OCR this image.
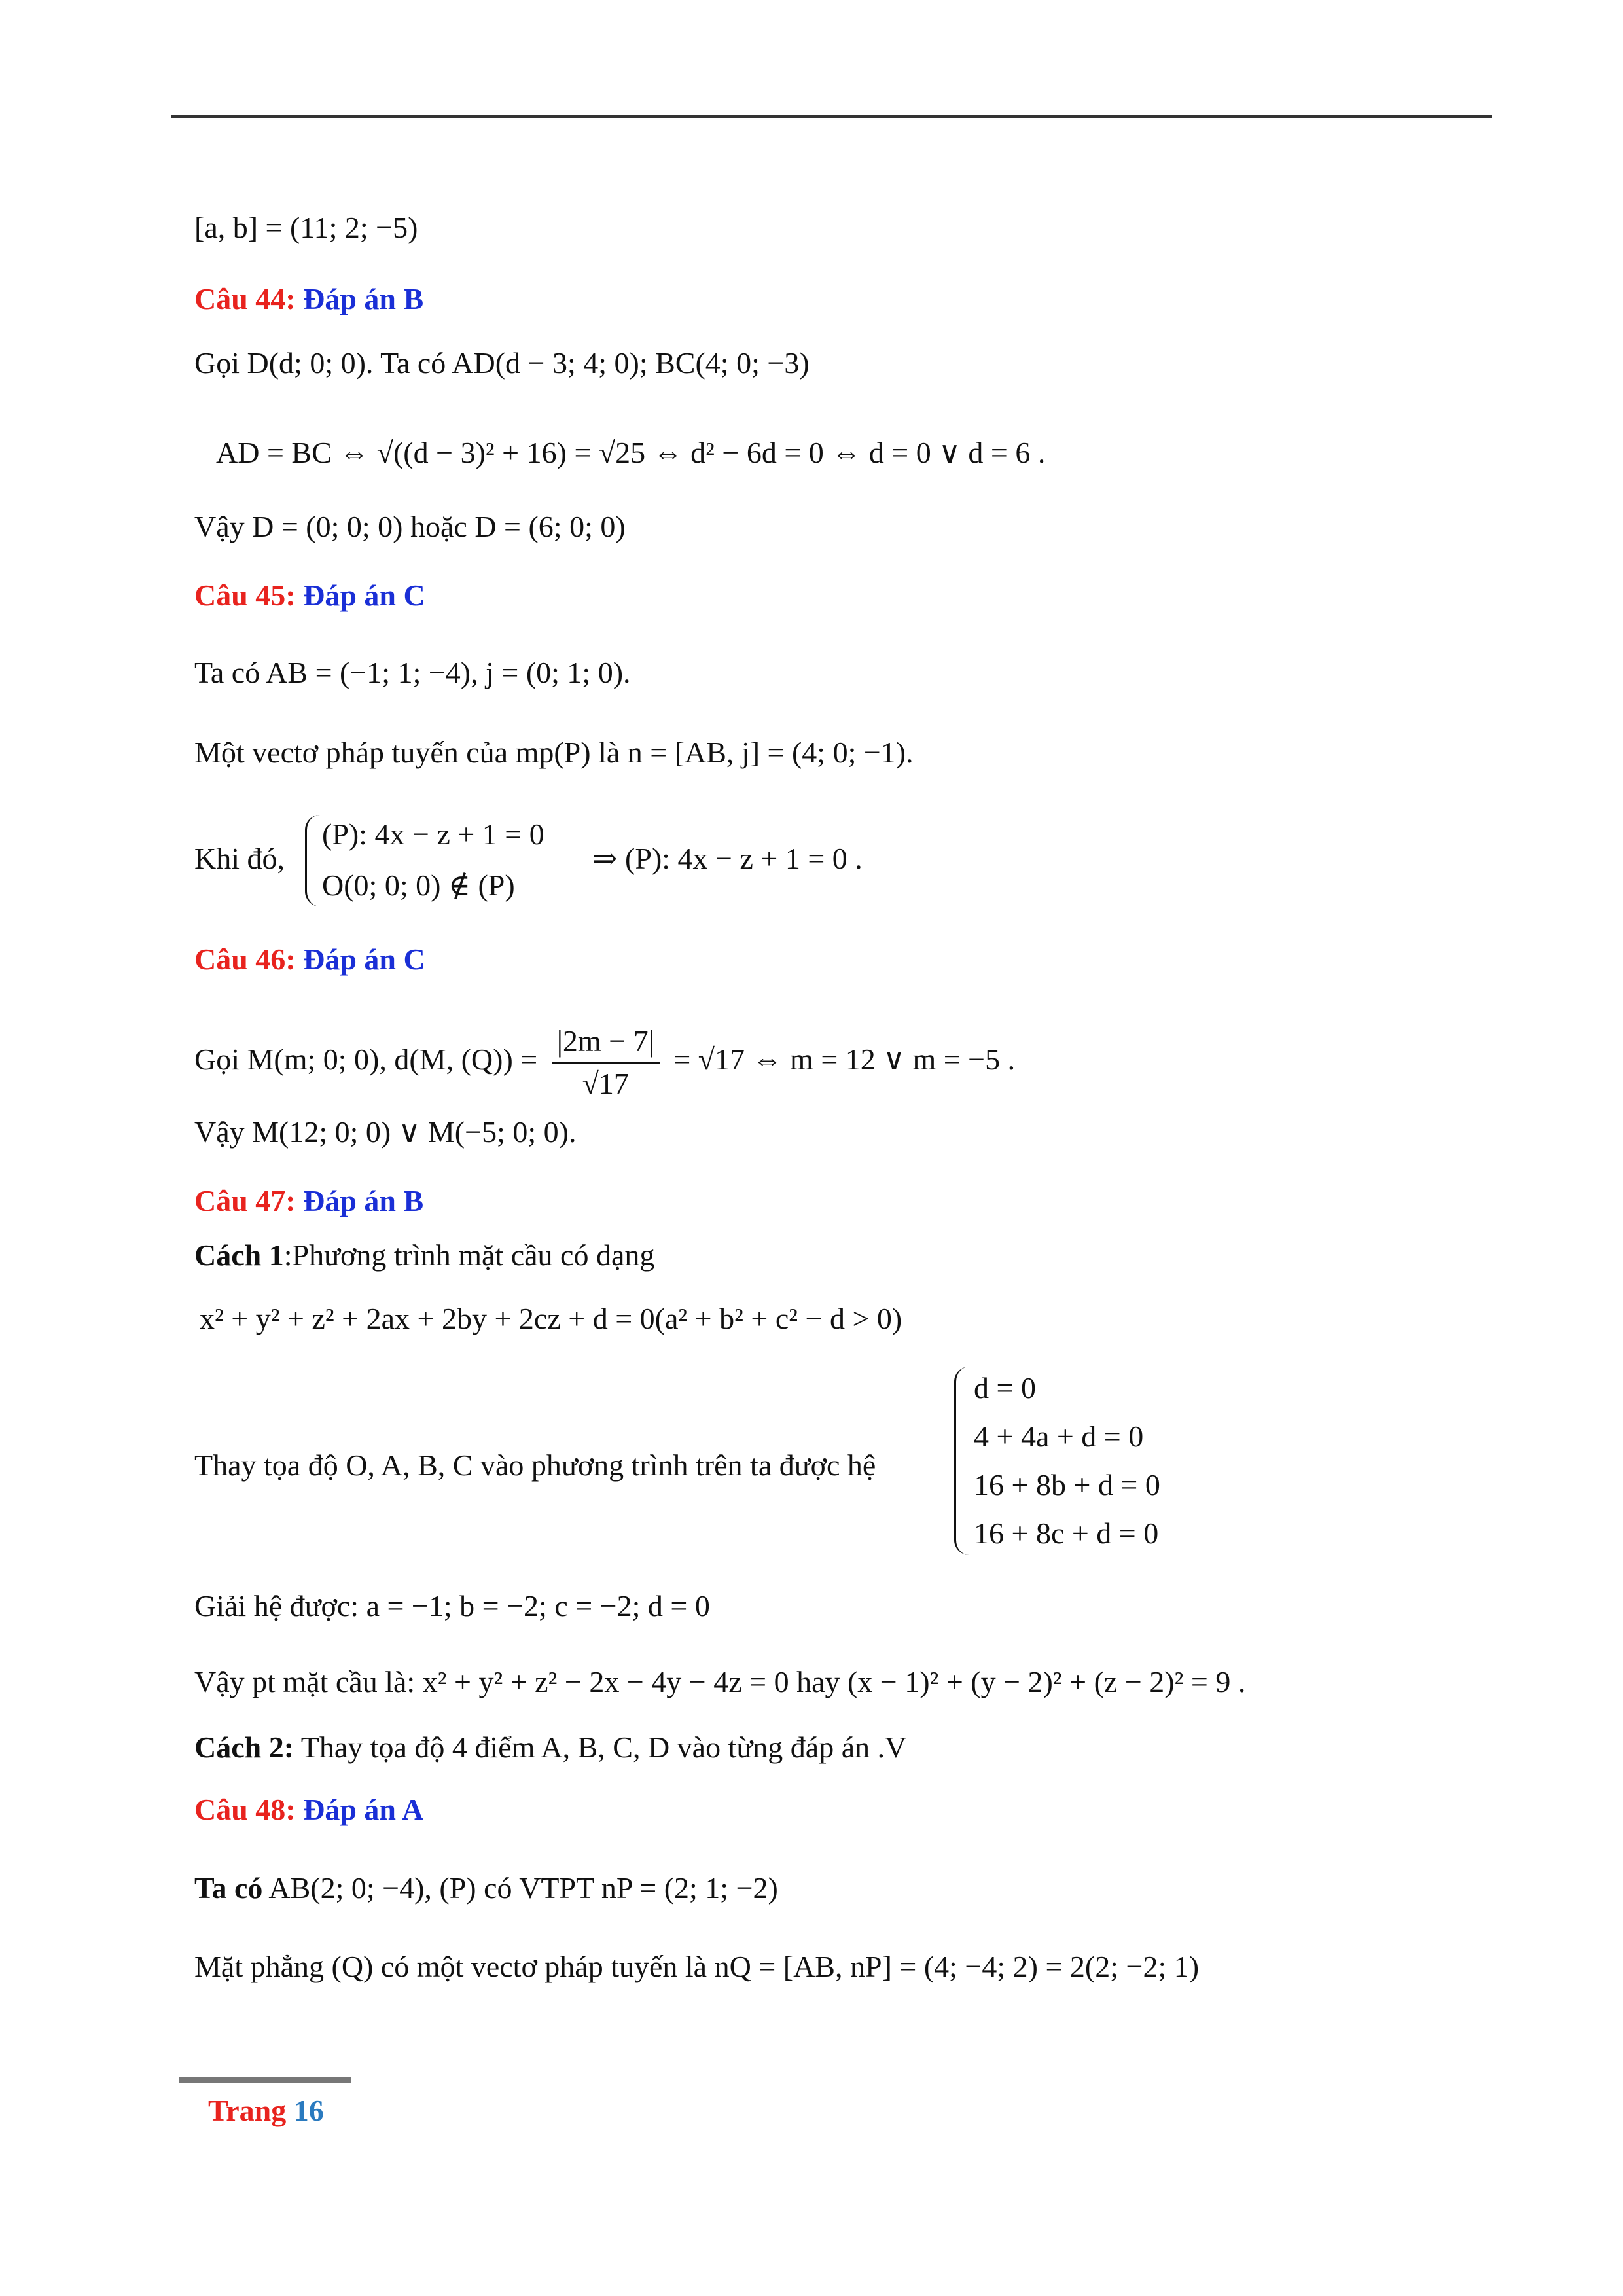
[a, b] = (11; 2; −5)
Câu 44: Đáp án B
Gọi D(d; 0; 0). Ta có AD(d − 3; 4; 0); BC(4; 0; −3)
AD = BC ⇔ √((d − 3)² + 16) = √25 ⇔ d² − 6d = 0 ⇔ d = 0 ∨ d = 6 .
Vậy D = (0; 0; 0) hoặc D = (6; 0; 0)
Câu 45: Đáp án C
Ta có AB = (−1; 1; −4), j = (0; 1; 0).
Một vectơ pháp tuyến của mp(P) là n = [AB, j] = (4; 0; −1).
Khi đó,
(P): 4x − z + 1 = 0
O(0; 0; 0) ∉ (P)
⇒ (P): 4x − z + 1 = 0 .
Câu 46: Đáp án C
Gọi M(m; 0; 0), d(M, $(Q)) = \frac{|2m - 7|}{√17} = √17$ ⇔ m = 12 ∨ m = −5 .
Vậy M(12; 0; 0) ∨ M(−5; 0; 0).
Câu 47: Đáp án B
Cách 1:Phương trình mặt cầu có dạng
x² + y² + z² + 2ax + 2by + 2cz + d = 0(a² + b² + c² − d > 0)
Thay tọa độ O, A, B, C vào phương trình trên ta được hệ
d = 0
4 + 4a + d = 0
16 + 8b + d = 0
16 + 8c + d = 0
Giải hệ được: a = −1; b = −2; c = −2; d = 0
Vậy pt mặt cầu là: x² + y² + z² − 2x − 4y − 4z = 0 hay (x − 1)² + (y − 2)² + (z − 2)² = 9 .
Cách 2: Thay tọa độ 4 điểm A, B, C, D vào từng đáp án .V
Câu 48: Đáp án A
Ta có AB(2; 0; −4), (P) có VTPT nP = (2; 1; −2)
Mặt phẳng (Q) có một vectơ pháp tuyến là nQ = [AB, nP] = (4; −4; 2) = 2(2; −2; 1)
Trang 16
